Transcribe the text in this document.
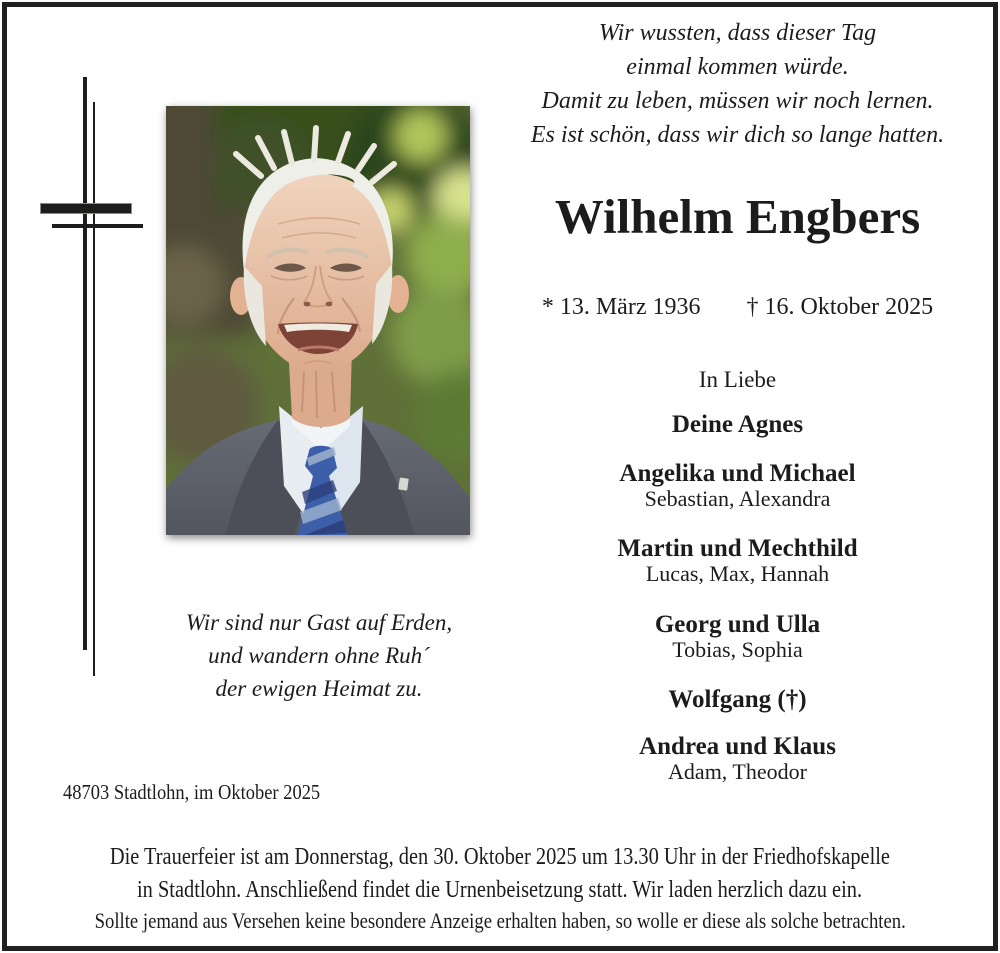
Wir wussten, dass dieser Tag
einmal kommen würde.
Damit zu leben, müssen wir noch lernen.
Es ist schön, dass wir dich so lange hatten.
Wilhelm Engbers
* 13. März 1936 † 16. Oktober 2025
In Liebe
Deine Agnes
Angelika und Michael
Sebastian, Alexandra
Martin und Mechthild
Lucas, Max, Hannah
Georg und Ulla
Tobias, Sophia
Wolfgang (†)
Andrea und Klaus
Adam, Theodor
Wir sind nur Gast auf Erden,
und wandern ohne Ruh´
der ewigen Heimat zu.
48703 Stadtlohn, im Oktober 2025
Die Trauerfeier ist am Donnerstag, den 30. Oktober 2025 um 13.30 Uhr in der Friedhofskapelle
in Stadtlohn. Anschließend findet die Urnenbeisetzung statt. Wir laden herzlich dazu ein.
Sollte jemand aus Versehen keine besondere Anzeige erhalten haben, so wolle er diese als solche betrachten.
